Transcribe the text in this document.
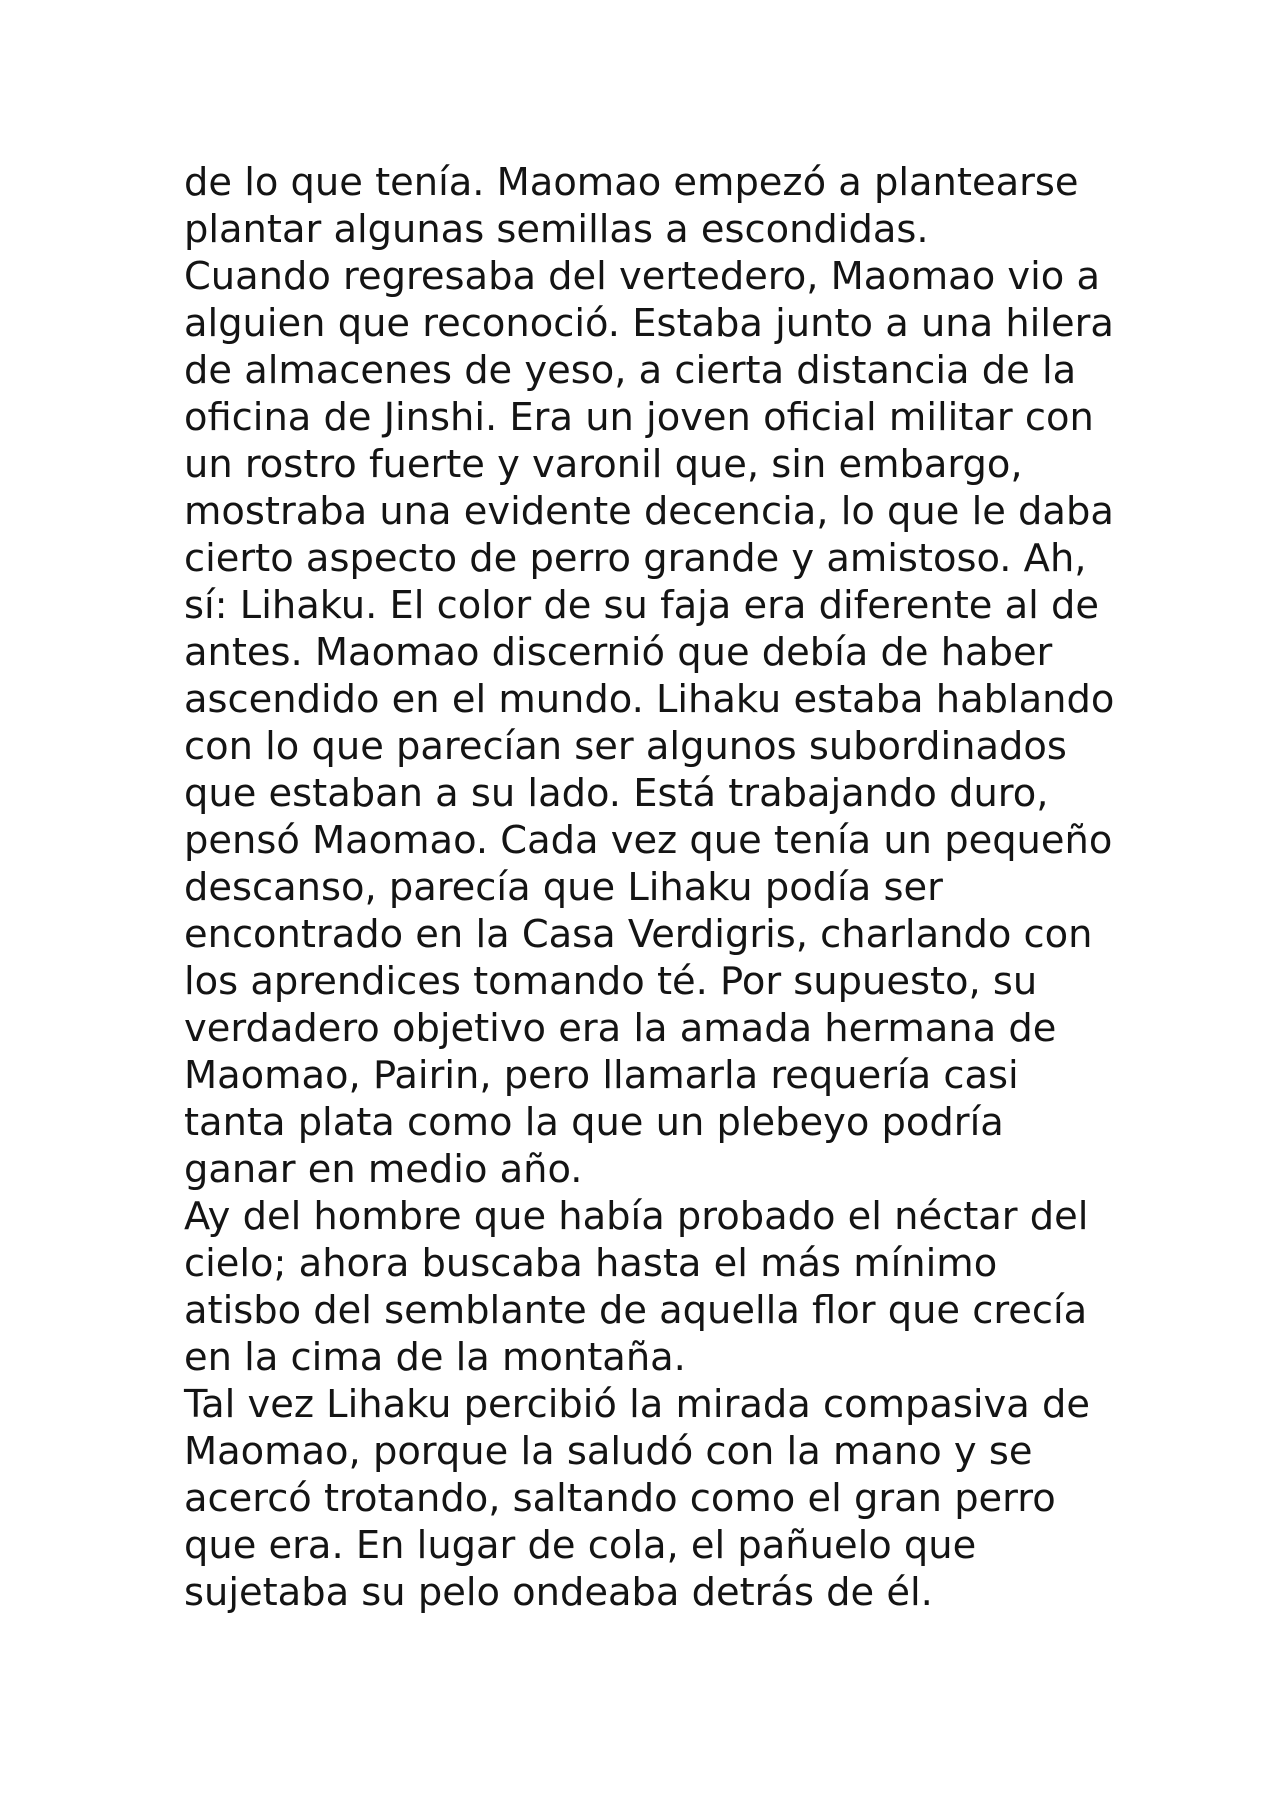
de lo que tenía. Maomao empezó a plantearse plantar algunas semillas a escondidas.

Cuando regresaba del vertedero, Maomao vio a alguien que reconoció. Estaba junto a una hilera de almacenes de yeso, a cierta distancia de la oficina de Jinshi. Era un joven oficial militar con un rostro fuerte y varonil que, sin embargo, mostraba una evidente decencia, lo que le daba cierto aspecto de perro grande y amistoso. Ah, sí: Lihaku. El color de su faja era diferente al de antes. Maomao discernió que debía de haber ascendido en el mundo. Lihaku estaba hablando con lo que parecían ser algunos subordinados que estaban a su lado. Está trabajando duro, pensó Maomao. Cada vez que tenía un pequeño descanso, parecía que Lihaku podía ser encontrado en la Casa Verdigris, charlando con los aprendices tomando té. Por supuesto, su verdadero objetivo era la amada hermana de Maomao, Pairin, pero llamarla requería casi tanta plata como la que un plebeyo podría ganar en medio año.

Ay del hombre que había probado el néctar del cielo; ahora buscaba hasta el más mínimo atisbo del semblante de aquella flor que crecía en la cima de la montaña.

Tal vez Lihaku percibió la mirada compasiva de Maomao, porque la saludó con la mano y se acercó trotando, saltando como el gran perro que era. En lugar de cola, el pañuelo que sujetaba su pelo ondeaba detrás de él.
